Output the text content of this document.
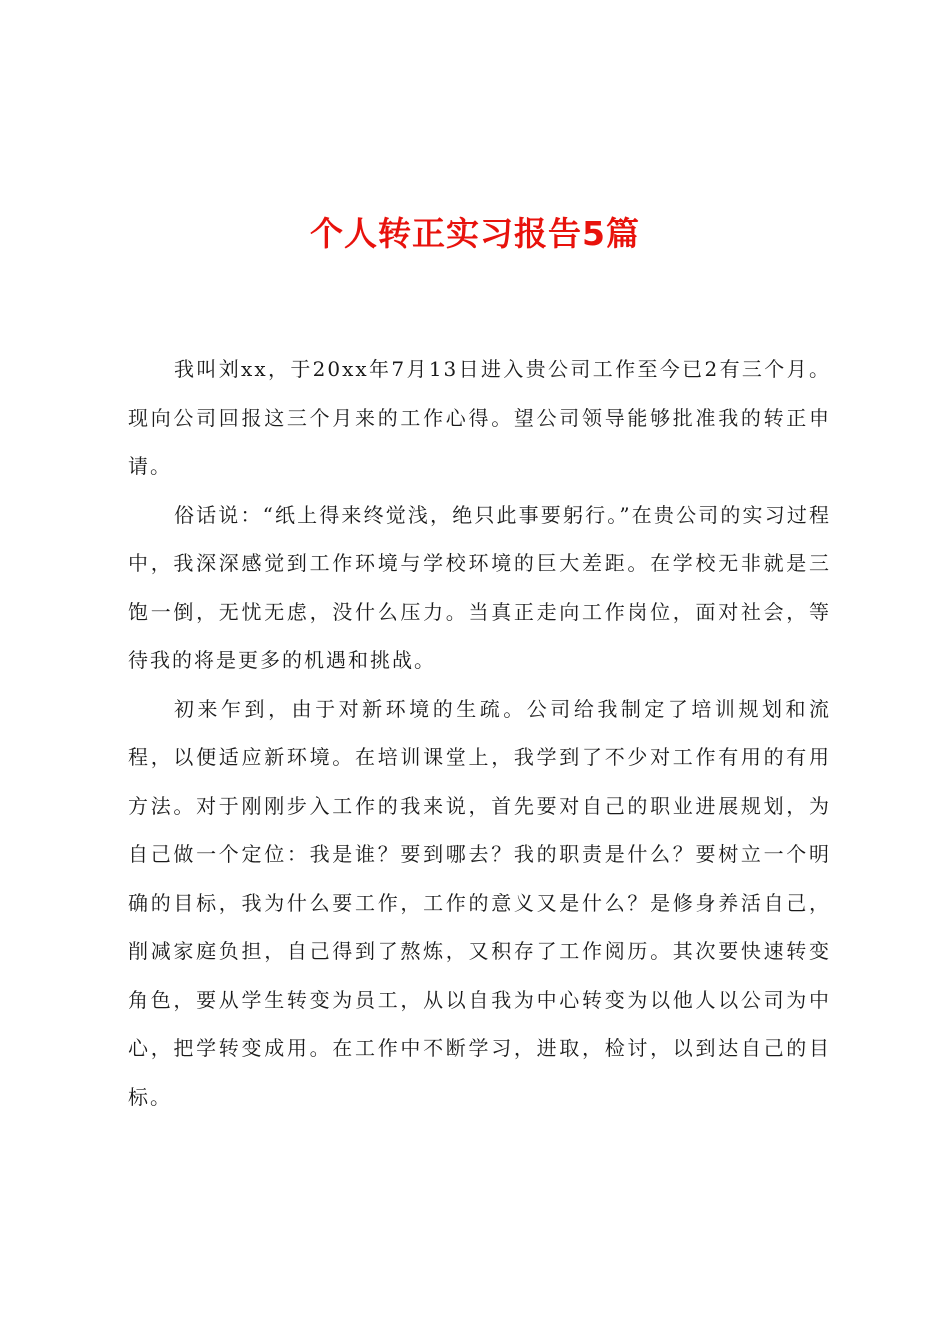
个人转正实习报告5篇

我叫刘xx，于20xx年7月13日进入贵公司工作至今已2有三个月。现向公司回报这三个月来的工作心得。望公司领导能够批准我的转正申请。

俗话说：“纸上得来终觉浅，绝只此事要躬行。”在贵公司的实习过程中，我深深感觉到工作环境与学校环境的巨大差距。在学校无非就是三饱一倒，无忧无虑，没什么压力。当真正走向工作岗位，面对社会，等待我的将是更多的机遇和挑战。

初来乍到，由于对新环境的生疏。公司给我制定了培训规划和流程，以便适应新环境。在培训课堂上，我学到了不少对工作有用的有用方法。对于刚刚步入工作的我来说，首先要对自己的职业进展规划，为自己做一个定位：我是谁？要到哪去？我的职责是什么？要树立一个明确的目标，我为什么要工作，工作的意义又是什么？是修身养活自己，削减家庭负担，自己得到了熬炼，又积存了工作阅历。其次要快速转变角色，要从学生转变为员工，从以自我为中心转变为以他人以公司为中心，把学转变成用。在工作中不断学习，进取，检讨，以到达自己的目标。
